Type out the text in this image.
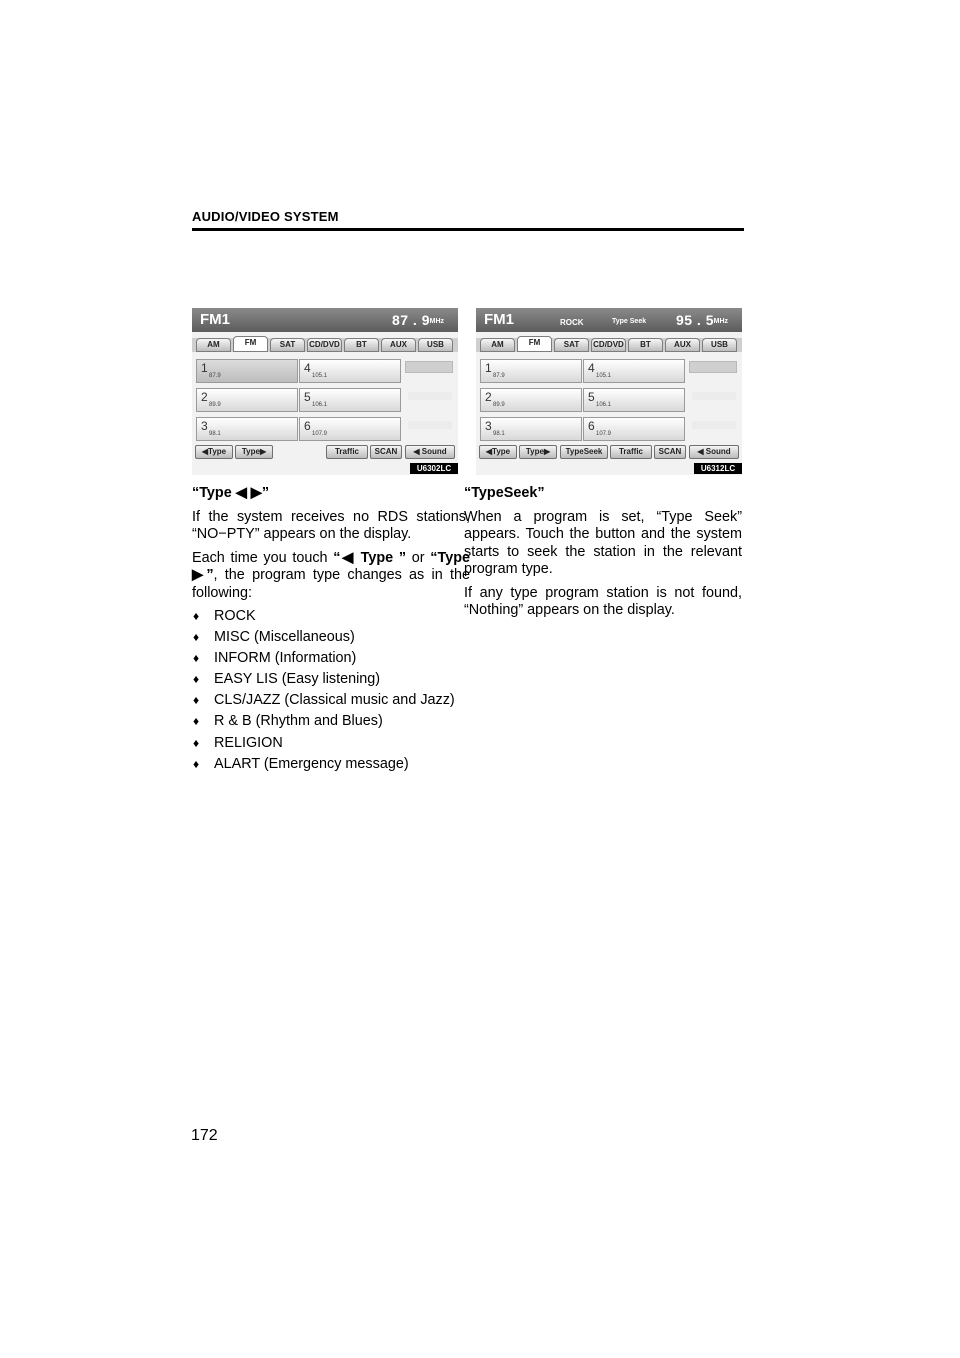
AUDIO/VIDEO SYSTEM
FM1	87 . 9 MHz
AM	FM	SAT	CD/DVD	BT	AUX	USB
1
87.9
2
89.9
3
98.1
4
105.1
5
106.1
6
107.9
◀Type	Type▶	Traffic	SCAN	◀ Sound
U6302LC
FM1	ROCK	Type Seek 95 . 5 MHz
AM	FM	SAT	CD/DVD	BT	AUX	USB
1
87.9
2
89.9
3
98.1
4
105.1
5
106.1
6
107.9
◀Type	Type▶	TypeSeek	Traffic	SCAN	◀ Sound
U6312LC

“Type ◀ ▶”

If the system receives no RDS stations, “NO−PTY” appears on the display.

Each time you touch “◀ Type ” or “Type ▶”, the program type changes as in the following:

♦ ROCK
♦ MISC (Miscellaneous)
♦ INFORM (Information)
♦ EASY LIS (Easy listening)
♦ CLS/JAZZ (Classical music and Jazz)
♦ R & B (Rhythm and Blues)
♦ RELIGION
♦ ALART (Emergency message)

“TypeSeek”

When a program is set, “Type Seek” appears. Touch the button and the system starts to seek the station in the relevant program type.

If any type program station is not found, “Nothing” appears on the display.

172
